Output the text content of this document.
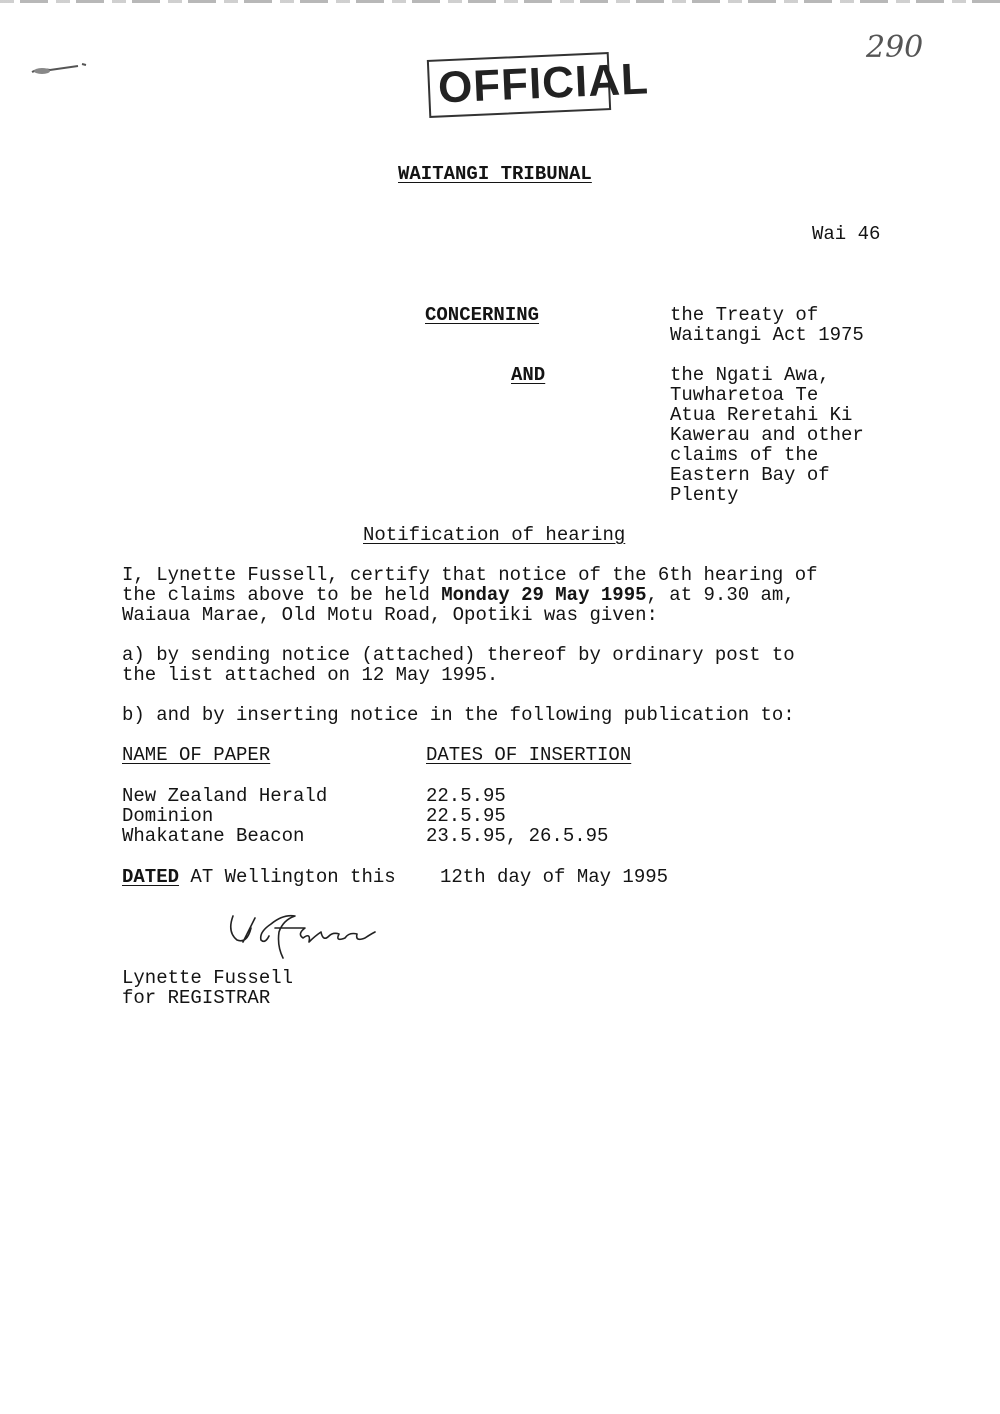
OFFICIAL
290
WAITANGI TRIBUNAL
Wai 46
CONCERNING	the Treaty of
Waitangi Act 1975
AND	the Ngati Awa,
Tuwharetoa Te
Atua Reretahi Ki
Kawerau and other
claims of the
Eastern Bay of
Plenty
Notification of hearing
I, Lynette Fussell, certify that notice of the 6th hearing of
the claims above to be held Monday 29 May 1995, at 9.30 am,
Waiaua Marae, Old Motu Road, Opotiki was given:
a) by sending notice (attached) thereof by ordinary post to
the list attached on 12 May 1995.
b) and by inserting notice in the following publication to:
NAME OF PAPER	DATES OF INSERTION
New Zealand Herald	22.5.95
Dominion	22.5.95
Whakatane Beacon	23.5.95, 26.5.95
DATED AT Wellington this 12th day of May 1995
Lynette Fussell
for REGISTRAR
